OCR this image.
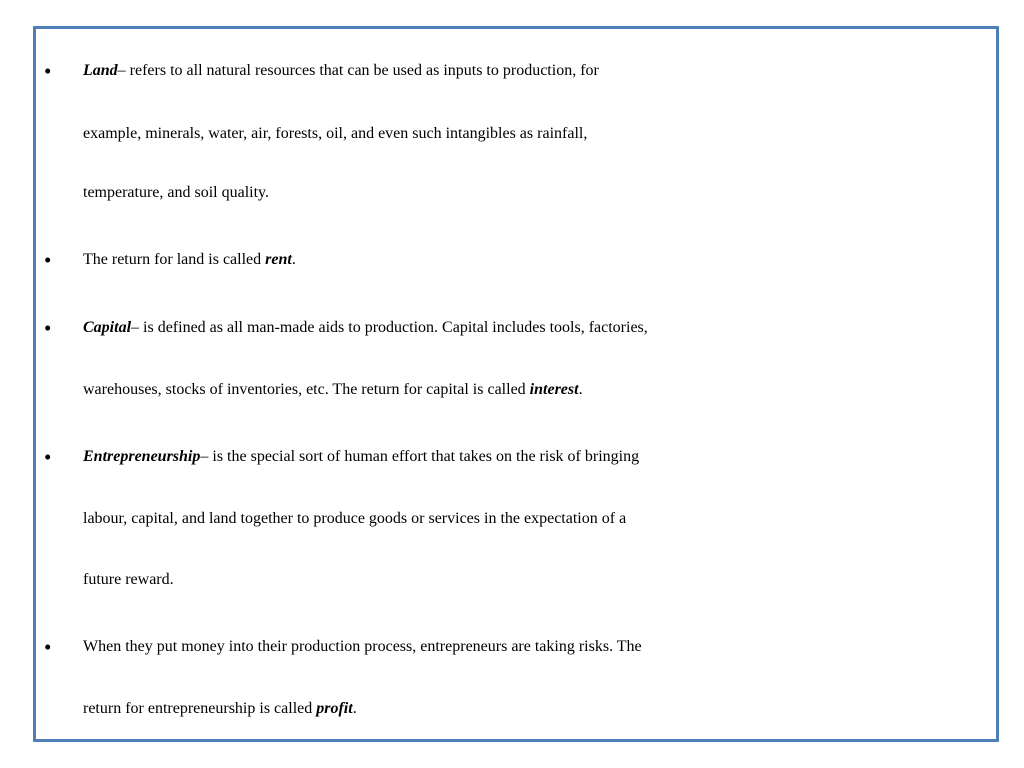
• Land– refers to all natural resources that can be used as inputs to production, for

example, minerals, water, air, forests, oil, and even such intangibles as rainfall,

temperature, and soil quality.

• The return for land is called rent.

• Capital– is defined as all man-made aids to production. Capital includes tools, factories,

warehouses, stocks of inventories, etc. The return for capital is called interest.

• Entrepreneurship– is the special sort of human effort that takes on the risk of bringing

labour, capital, and land together to produce goods or services in the expectation of a

future reward.

• When they put money into their production process, entrepreneurs are taking risks. The

return for entrepreneurship is called profit.
